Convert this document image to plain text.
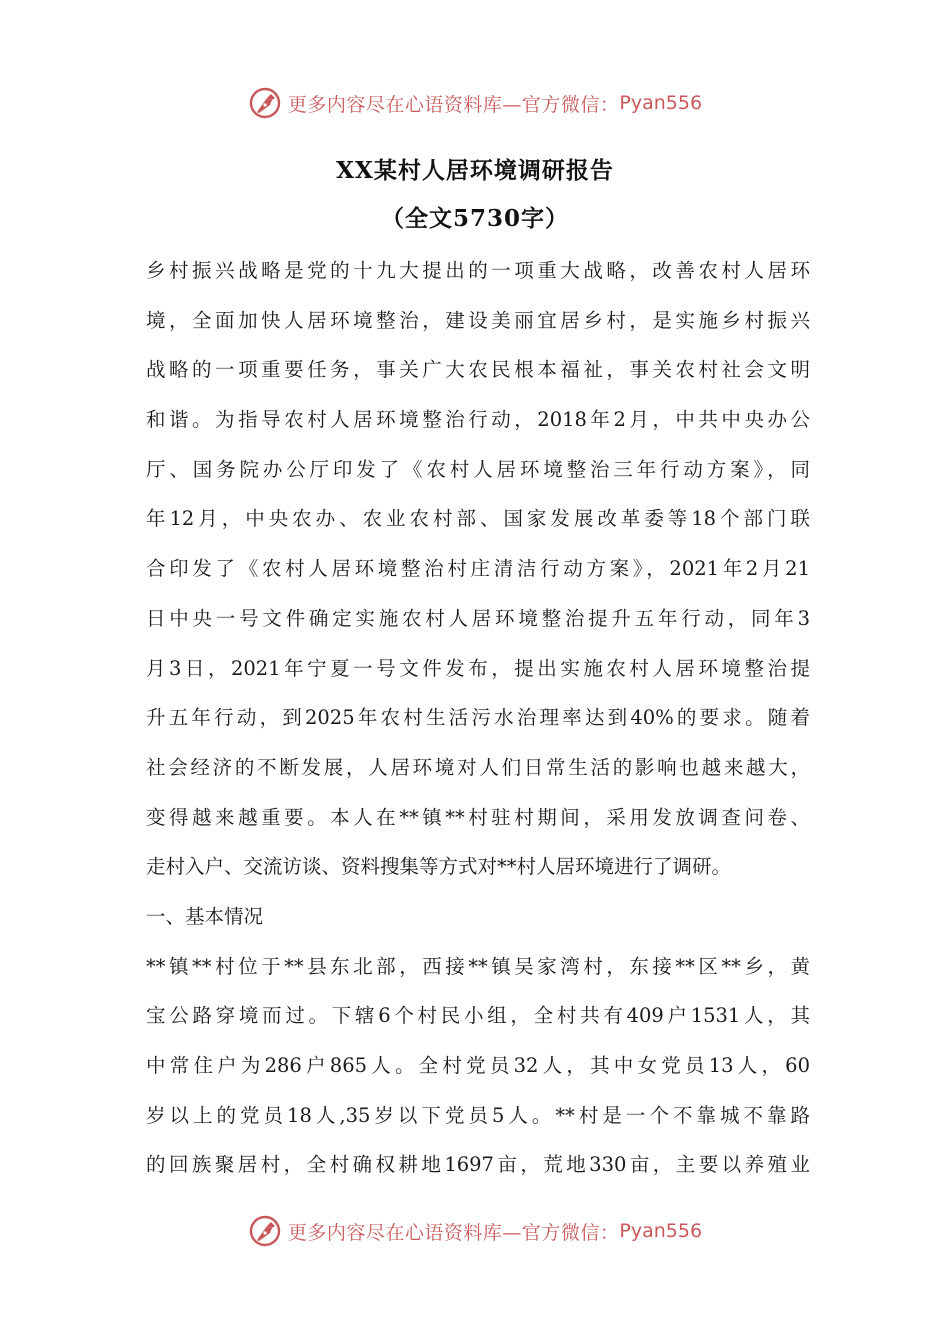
更多内容尽在心语资料库—官方微信： Pyan556
XX某村人居环境调研报告
（全文5730字）
乡村振兴战略是党的十九大提出的一项重大战略，改善农村人居环
境，全面加快人居环境整治，建设美丽宜居乡村，是实施乡村振兴
战略的一项重要任务，事关广大农民根本福祉，事关农村社会文明
和谐。为指导农村人居环境整治行动，2018年2月，中共中央办公
厅、国务院办公厅印发了《农村人居环境整治三年行动方案》，同
年12月，中央农办、农业农村部、国家发展改革委等18个部门联
合印发了《农村人居环境整治村庄清洁行动方案》，2021年2月21
日中央一号文件确定实施农村人居环境整治提升五年行动，同年3
月3日，2021年宁夏一号文件发布，提出实施农村人居环境整治提
升五年行动，到2025年农村生活污水治理率达到40%的要求。随着
社会经济的不断发展，人居环境对人们日常生活的影响也越来越大，
变得越来越重要。本人在**镇**村驻村期间，采用发放调查问卷、
走村入户、交流访谈、资料搜集等方式对**村人居环境进行了调研。
一、基本情况
**镇**村位于**县东北部，西接**镇吴家湾村，东接**区**乡，黄
宝公路穿境而过。下辖6个村民小组，全村共有409户1531人，其
中常住户为286户865人。全村党员32人，其中女党员13人，60
岁以上的党员18人,35岁以下党员5人。**村是一个不靠城不靠路
的回族聚居村，全村确权耕地1697亩，荒地330亩，主要以养殖业
更多内容尽在心语资料库—官方微信： Pyan556
